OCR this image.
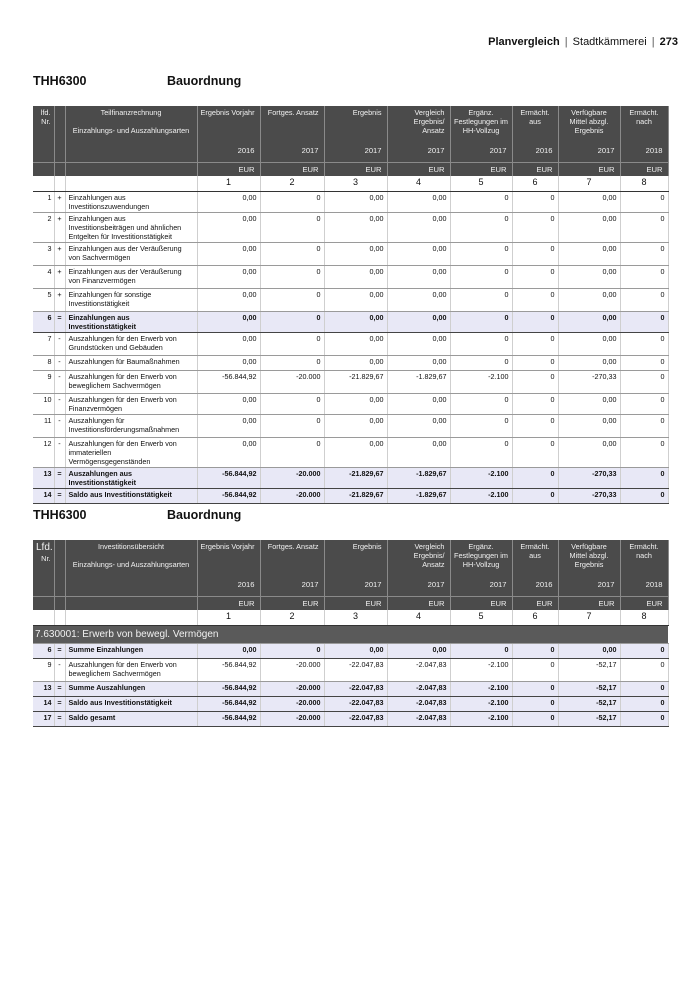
Planvergleich | Stadtkämmerei | 273
THH6300	Bauordnung
lfd.
Nr.		Teilfinanzrechnung
Einzahlungs- und Auszahlungsarten	Ergebnis Vorjahr	Fortges. Ansatz	Ergebnis	Vergleich Ergebnis/ Ansatz	Ergänz. Festlegungen im HH-Vollzug	Ermächt. aus	Verfügbare Mittel abzgl. Ergebnis	Ermächt. nach
			2016	2017	2017	2017	2017	2016	2017	2018
			EUR	EUR	EUR	EUR	EUR	EUR	EUR	EUR
			1	2	3	4	5	6	7	8
1	+	Einzahlungen aus Investitionszuwendungen	0,00	0	0,00	0,00	0	0	0,00	0
2	+	Einzahlungen aus Investitionsbeiträgen und ähnlichen Entgelten für Investitionstätigkeit	0,00	0	0,00	0,00	0	0	0,00	0
3	+	Einzahlungen aus der Veräußerung von Sachvermögen	0,00	0	0,00	0,00	0	0	0,00	0
4	+	Einzahlungen aus der Veräußerung von Finanzvermögen	0,00	0	0,00	0,00	0	0	0,00	0
5	+	Einzahlungen für sonstige Investitionstätigkeit	0,00	0	0,00	0,00	0	0	0,00	0
6	=	Einzahlungen aus Investitionstätigkeit	0,00	0	0,00	0,00	0	0	0,00	0
7	-	Auszahlungen für den Erwerb von Grundstücken und Gebäuden	0,00	0	0,00	0,00	0	0	0,00	0
8	-	Auszahlungen für Baumaßnahmen	0,00	0	0,00	0,00	0	0	0,00	0
9	-	Auszahlungen für den Erwerb von beweglichem Sachvermögen	-56.844,92	-20.000	-21.829,67	-1.829,67	-2.100	0	-270,33	0
10	-	Auszahlungen für den Erwerb von Finanzvermögen	0,00	0	0,00	0,00	0	0	0,00	0
11	-	Auszahlungen für Investitionsförderungsmaßnahmen	0,00	0	0,00	0,00	0	0	0,00	0
12	-	Auszahlungen für den Erwerb von immateriellen Vermögensgegenständen	0,00	0	0,00	0,00	0	0	0,00	0
13	=	Auszahlungen aus Investitionstätigkeit	-56.844,92	-20.000	-21.829,67	-1.829,67	-2.100	0	-270,33	0
14	=	Saldo aus Investitionstätigkeit	-56.844,92	-20.000	-21.829,67	-1.829,67	-2.100	0	-270,33	0
THH6300	Bauordnung
Lfd.
Nr.		Investitionsübersicht
Einzahlungs- und Auszahlungsarten	Ergebnis Vorjahr	Fortges. Ansatz	Ergebnis	Vergleich Ergebnis/ Ansatz	Ergänz. Festlegungen im HH-Vollzug	Ermächt. aus	Verfügbare Mittel abzgl. Ergebnis	Ermächt. nach
			2016	2017	2017	2017	2017	2016	2017	2018
			EUR	EUR	EUR	EUR	EUR	EUR	EUR	EUR
			1	2	3	4	5	6	7	8
7.630001: Erwerb von bewegl. Vermögen										
6	=	Summe Einzahlungen	0,00	0	0,00	0,00	0	0	0,00	0
9	-	Auszahlungen für den Erwerb von beweglichem Sachvermögen	-56.844,92	-20.000	-22.047,83	-2.047,83	-2.100	0	-52,17	0
13	=	Summe Auszahlungen	-56.844,92	-20.000	-22.047,83	-2.047,83	-2.100	0	-52,17	0
14	=	Saldo aus Investitionstätigkeit	-56.844,92	-20.000	-22.047,83	-2.047,83	-2.100	0	-52,17	0
17	=	Saldo gesamt	-56.844,92	-20.000	-22.047,83	-2.047,83	-2.100	0	-52,17	0
